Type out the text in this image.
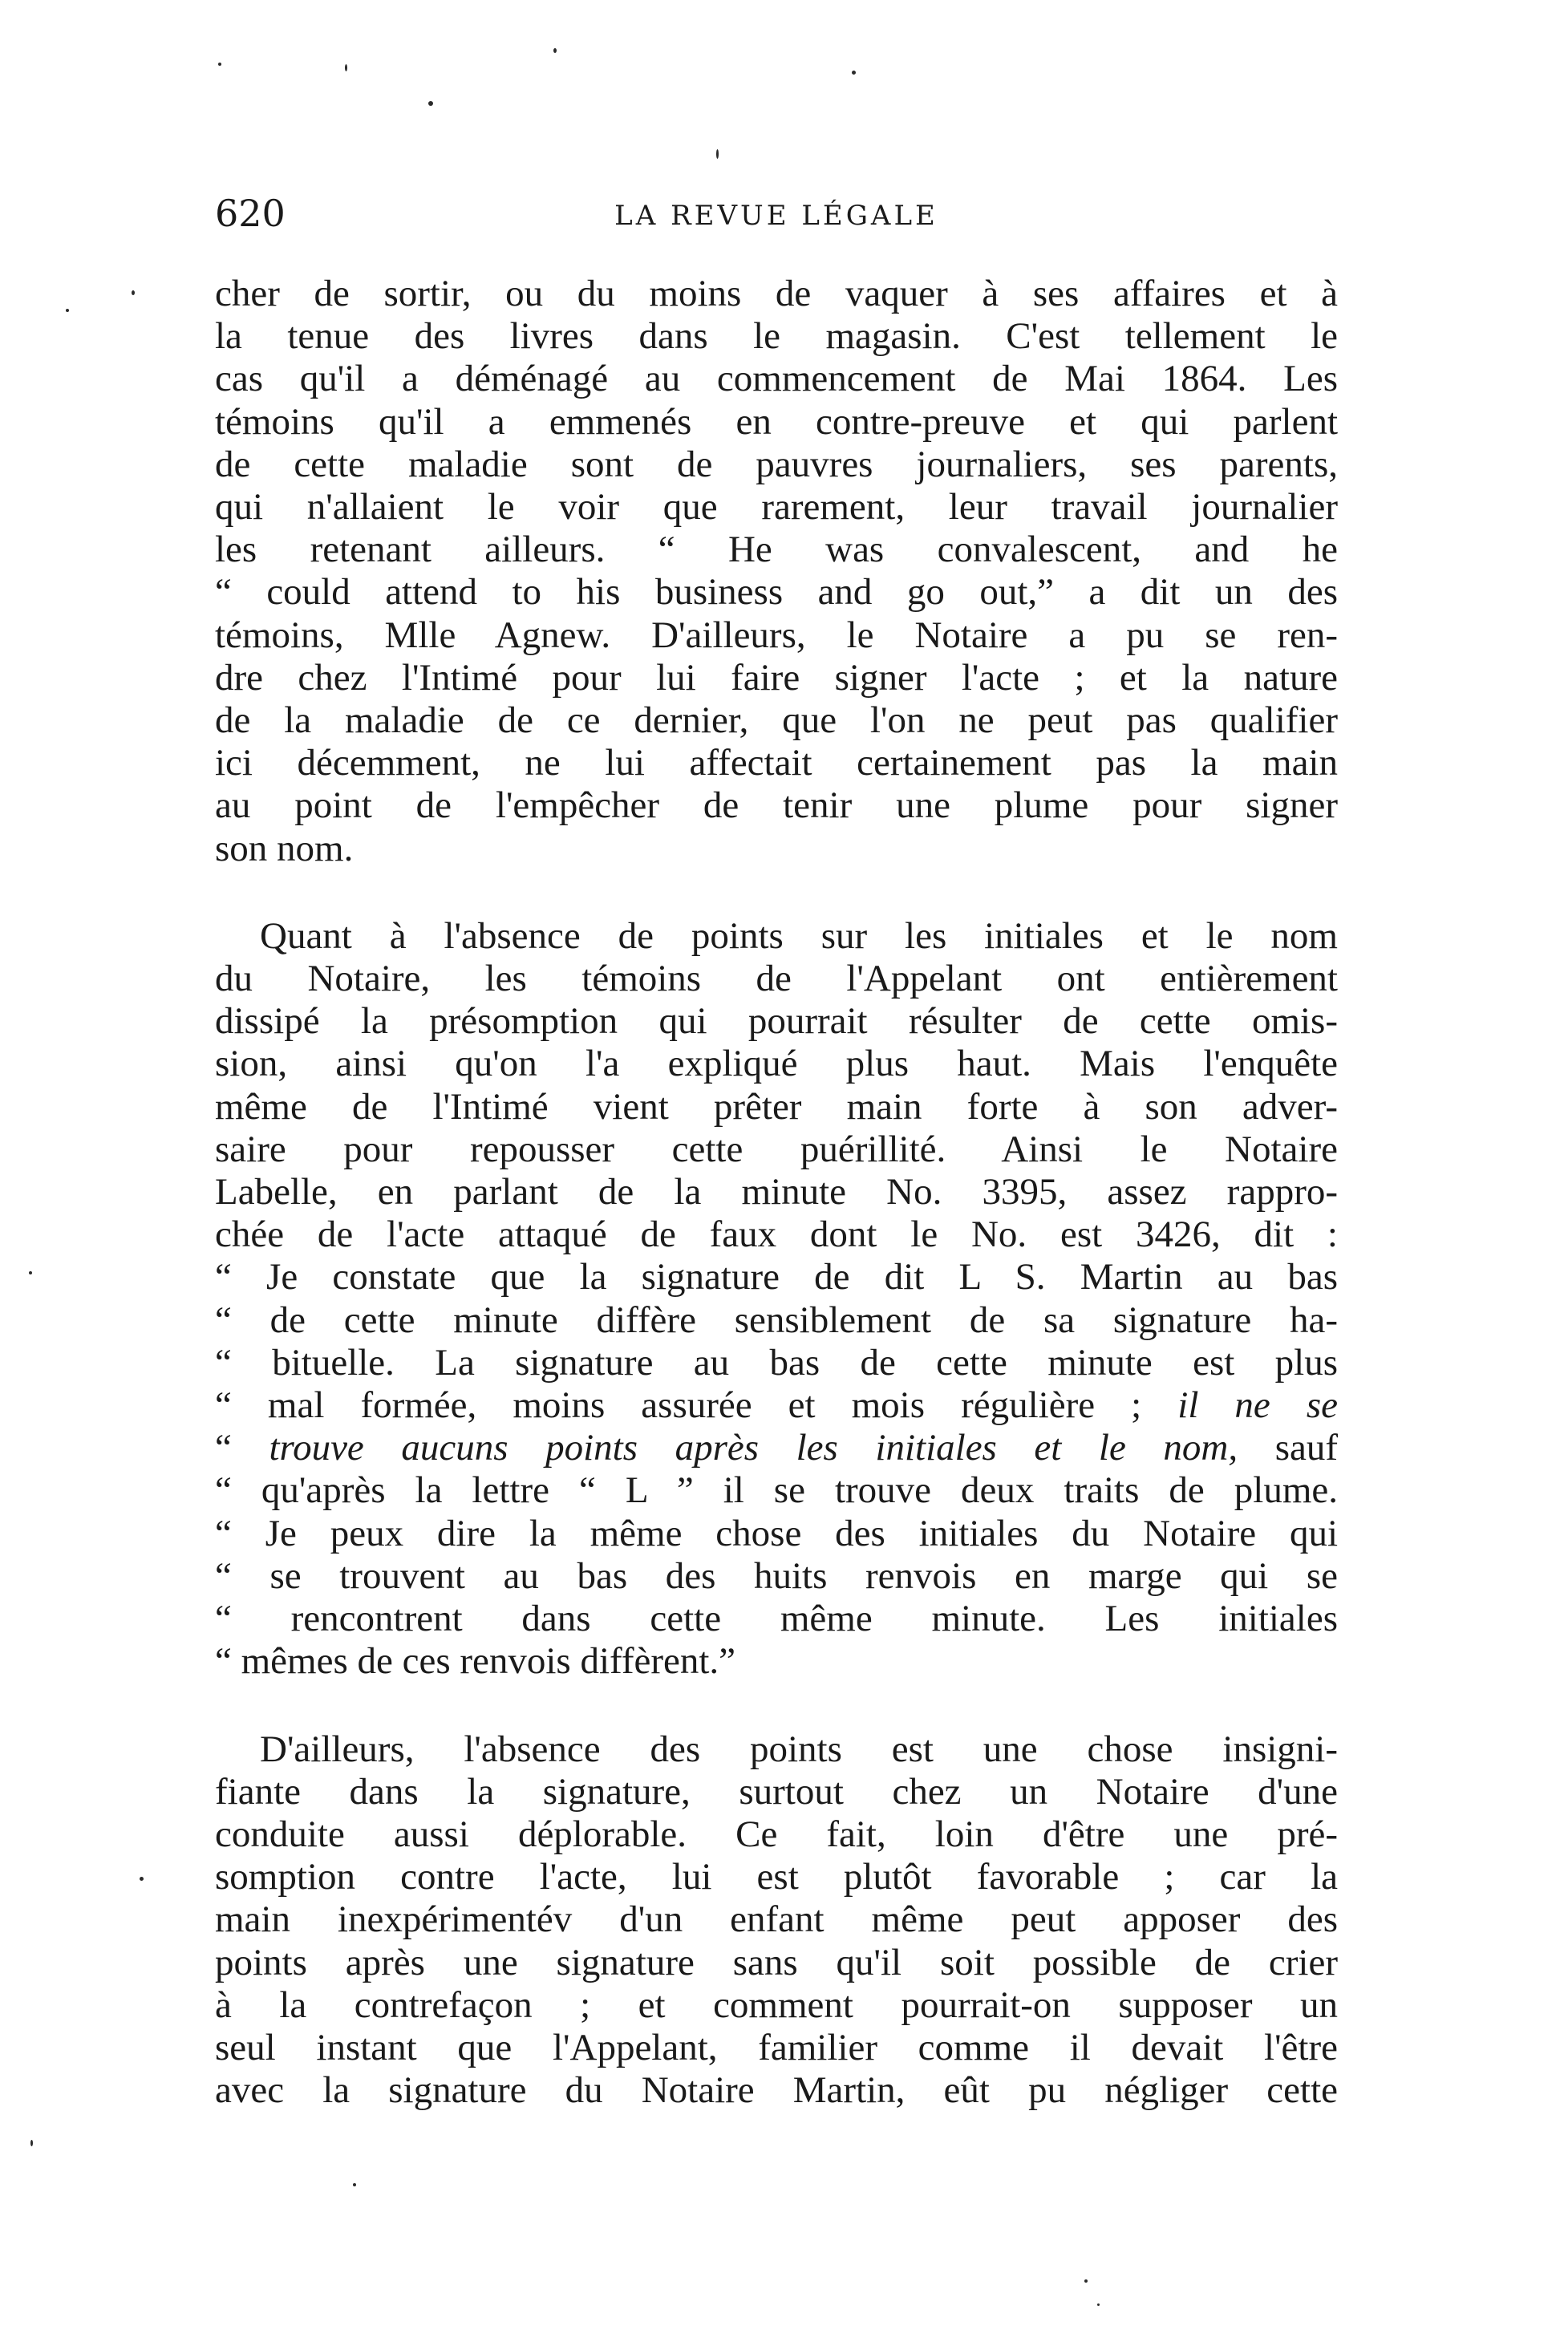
620	LA REVUE LÉGALE
cher de sortir, ou du moins de vaquer à ses affaires et à
la tenue des livres dans le magasin. C'est tellement le
cas qu'il a déménagé au commencement de Mai 1864. Les
témoins qu'il a emmenés en contre-preuve et qui parlent
de cette maladie sont de pauvres journaliers, ses parents,
qui n'allaient le voir que rarement, leur travail journalier
les retenant ailleurs. “ He was convalescent, and he
“ could attend to his business and go out,” a dit un des
témoins, Mlle Agnew. D'ailleurs, le Notaire a pu se ren-
dre chez l'Intimé pour lui faire signer l'acte ; et la nature
de la maladie de ce dernier, que l'on ne peut pas qualifier
ici décemment, ne lui affectait certainement pas la main
au point de l'empêcher de tenir une plume pour signer
son nom.
Quant à l'absence de points sur les initiales et le nom
du Notaire, les témoins de l'Appelant ont entièrement
dissipé la présomption qui pourrait résulter de cette omis-
sion, ainsi qu'on l'a expliqué plus haut. Mais l'enquête
même de l'Intimé vient prêter main forte à son adver-
saire pour repousser cette puérillité. Ainsi le Notaire
Labelle, en parlant de la minute No. 3395, assez rappro-
chée de l'acte attaqué de faux dont le No. est 3426, dit :
“ Je constate que la signature de dit L S. Martin au bas
“ de cette minute diffère sensiblement de sa signature ha-
“ bituelle. La signature au bas de cette minute est plus
“ mal formée, moins assurée et mois régulière ; il ne se
“ trouve aucuns points après les initiales et le nom, sauf
“ qu'après la lettre “ L ” il se trouve deux traits de plume.
“ Je peux dire la même chose des initiales du Notaire qui
“ se trouvent au bas des huits renvois en marge qui se
“ rencontrent dans cette même minute. Les initiales
“ mêmes de ces renvois diffèrent.”
D'ailleurs, l'absence des points est une chose insigni-
fiante dans la signature, surtout chez un Notaire d'une
conduite aussi déplorable. Ce fait, loin d'être une pré-
somption contre l'acte, lui est plutôt favorable ; car la
main inexpérimentév d'un enfant même peut apposer des
points après une signature sans qu'il soit possible de crier
à la contrefaçon ; et comment pourrait-on supposer un
seul instant que l'Appelant, familier comme il devait l'être
avec la signature du Notaire Martin, eût pu négliger cette
